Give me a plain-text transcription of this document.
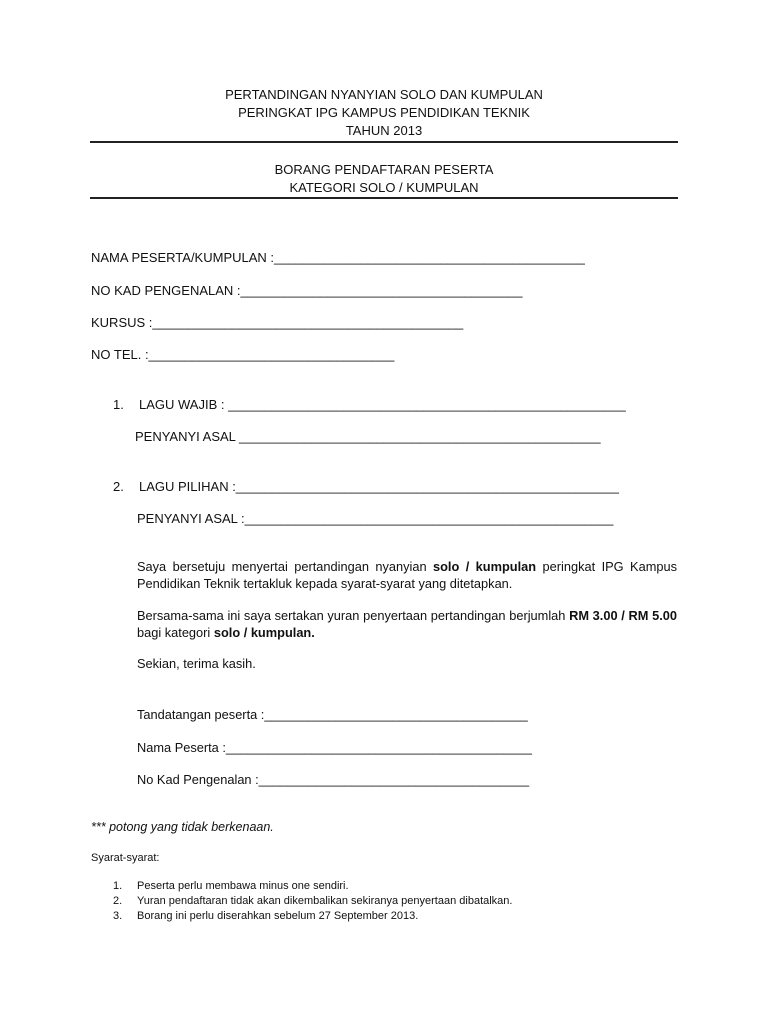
PERTANDINGAN NYANYIAN SOLO DAN KUMPULAN
PERINGKAT IPG KAMPUS PENDIDIKAN TEKNIK
TAHUN 2013
BORANG PENDAFTARAN PESERTA
KATEGORI SOLO / KUMPULAN
NAMA PESERTA/KUMPULAN :___________________________________________
NO KAD PENGENALAN :_______________________________________
KURSUS :___________________________________________
NO TEL. :__________________________________
1. LAGU WAJIB : _______________________________________________________
PENYANYI ASAL __________________________________________________
2. LAGU PILIHAN :_____________________________________________________
PENYANYI ASAL :___________________________________________________
Saya bersetuju menyertai pertandingan nyanyian solo / kumpulan peringkat IPG Kampus Pendidikan Teknik tertakluk kepada syarat-syarat yang ditetapkan.
Bersama-sama ini saya sertakan yuran penyertaan pertandingan berjumlah RM 3.00 / RM 5.00 bagi kategori solo / kumpulan.
Sekian, terima kasih.
Tandatangan peserta :_____________________________________
Nama Peserta :___________________________________________
No Kad Pengenalan :______________________________________
*** potong yang tidak berkenaan.
Syarat-syarat:
1. Peserta perlu membawa minus one sendiri.
2. Yuran pendaftaran tidak akan dikembalikan sekiranya penyertaan dibatalkan.
3. Borang ini perlu diserahkan sebelum 27 September 2013.
